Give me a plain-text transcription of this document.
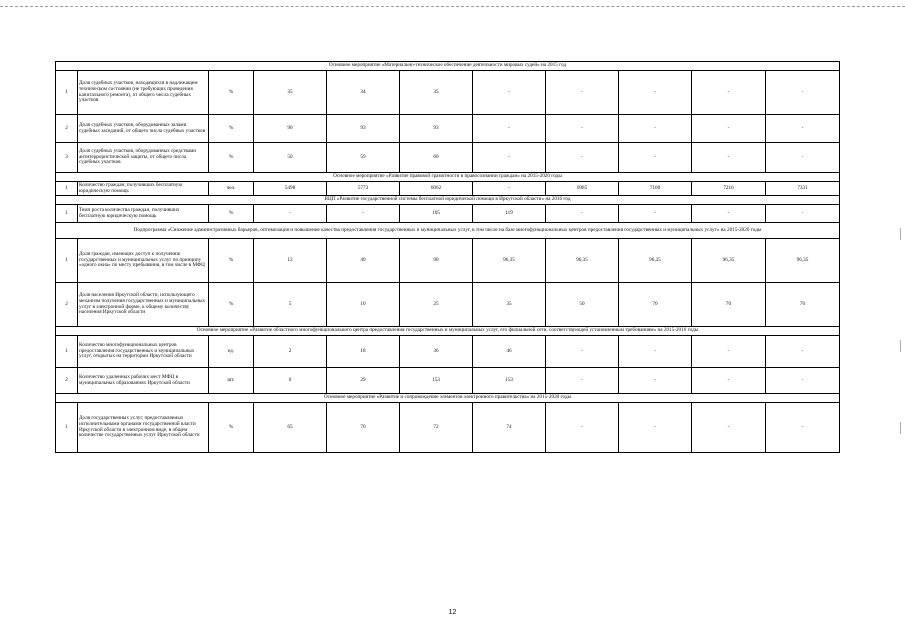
Основное мероприятие «Материально-техническое обеспечение деятельности мировых судей» на 2015 год										
1	Доля судебных участков, находящихся в надлежащем техническом состоянии (не требующих проведения капитального ремонта), от общего числа судебных участков	%	35	34	35	-	-	-	-	-
2	Доля судебных участков, оборудованных залами судебных заседаний, от общего числа судебных участков	%	90	93	93	-	-	-	-	-
3	Доля судебных участков, оборудованных средствами антитеррористической защиты, от общего числа судебных участков	%	50	59	60	-	-	-	-	-
Основное мероприятие «Развитие правовой грамотности в правосознании граждан» на 2015-2020 годы										
1	Количество граждан, получивших бесплатную юридическую помощь	чел.	5498	5773	6062	-	6985	7100	7216	7331
ВЦП «Развитие государственной системы бесплатной юридической помощи в Иркутской области» на 2016 год										
1	Темп роста количества граждан, получивших бесплатную юридическую помощь	%	-	-	105	119	-	-	-	-
Подпрограмма «Снижение административных барьеров, оптимизация и повышение качества предоставления государственных и муниципальных услуг, в том числе на базе многофункциональных центров предоставления государственных и муниципальных услуг» на 2015-2020 годы										
1	Доля граждан, имеющих доступ к получению государственных и муниципальных услуг по принципу «одного окна» по месту пребывания, в том числе в МФЦ	%	12	40	90	96,35	96,35	96,35	96,35	96,35
2	Доля населения Иркутской области, использующего механизм получения государственных и муниципальных услуг в электронной форме, к общему количеству населения Иркутской области	%	5	10	25	35	50	70	70	70
Основное мероприятие «Развитие областного многофункционального центра предоставления государственных и муниципальных услуг, его филиальной сети, соответствующей установленным требованиям» на 2015-2016 годы										
1	Количество многофункциональных центров предоставления государственных и муниципальных услуг, открытых на территории Иркутской области	ед.	2	18	36	46	-	-	-	-
2	Количество удаленных рабочих мест МФЦ в муниципальных образованиях Иркутской области	шт.	0	29	153	153	-	-	-	-
Основное мероприятие «Развитие и сопровождение элементов электронного правительства» на 2015-2020 годы										
1	Доля государственных услуг, предоставляемых исполнительными органами государственной власти Иркутской области в электронном виде, в общем количестве государственных услуг Иркутской области	%	65	70	72	74	-	-	-	-
12
